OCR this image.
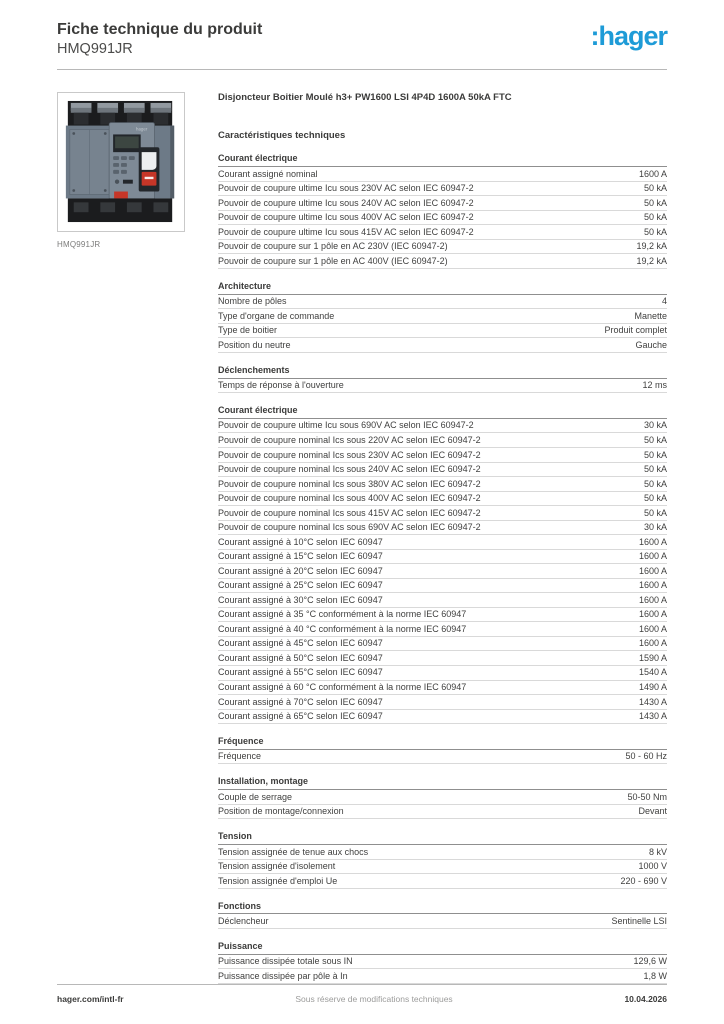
Fiche technique du produit
HMQ991JR	:hager
hager
HMQ991JR
Disjoncteur Boitier Moulé h3+ PW1600 LSI 4P4D 1600A 50kA FTC
Caractéristiques techniques
Courant électrique
Courant assigné nominal	1600 A
Pouvoir de coupure ultime Icu sous 230V AC selon IEC 60947-2	50 kA
Pouvoir de coupure ultime Icu sous 240V AC selon IEC 60947-2	50 kA
Pouvoir de coupure ultime Icu sous 400V AC selon IEC 60947-2	50 kA
Pouvoir de coupure ultime Icu sous 415V AC selon IEC 60947-2	50 kA
Pouvoir de coupure sur 1 pôle en AC 230V (IEC 60947-2)	19,2 kA
Pouvoir de coupure sur 1 pôle en AC 400V (IEC 60947-2)	19,2 kA
Architecture
Nombre de pôles	4
Type d'organe de commande	Manette
Type de boitier	Produit complet
Position du neutre	Gauche
Déclenchements
Temps de réponse à l'ouverture	12 ms
Courant électrique
Pouvoir de coupure ultime Icu sous 690V AC selon IEC 60947-2	30 kA
Pouvoir de coupure nominal Ics sous 220V AC selon IEC 60947-2	50 kA
Pouvoir de coupure nominal Ics sous 230V AC selon IEC 60947-2	50 kA
Pouvoir de coupure nominal Ics sous 240V AC selon IEC 60947-2	50 kA
Pouvoir de coupure nominal Ics sous 380V AC selon IEC 60947-2	50 kA
Pouvoir de coupure nominal Ics sous 400V AC selon IEC 60947-2	50 kA
Pouvoir de coupure nominal Ics sous 415V AC selon IEC 60947-2	50 kA
Pouvoir de coupure nominal Ics sous 690V AC selon IEC 60947-2	30 kA
Courant assigné à 10°C selon IEC 60947	1600 A
Courant assigné à 15°C selon IEC 60947	1600 A
Courant assigné à 20°C selon IEC 60947	1600 A
Courant assigné à 25°C selon IEC 60947	1600 A
Courant assigné à 30°C selon IEC 60947	1600 A
Courant assigné à 35 °C conformément à la norme IEC 60947	1600 A
Courant assigné à 40 °C conformément à la norme IEC 60947	1600 A
Courant assigné à 45°C selon IEC 60947	1600 A
Courant assigné à 50°C selon IEC 60947	1590 A
Courant assigné à 55°C selon IEC 60947	1540 A
Courant assigné à 60 °C conformément à la norme IEC 60947	1490 A
Courant assigné à 70°C selon IEC 60947	1430 A
Courant assigné à 65°C selon IEC 60947	1430 A
Fréquence
Fréquence	50 - 60 Hz
Installation, montage
Couple de serrage	50-50 Nm
Position de montage/connexion	Devant
Tension
Tension assignée de tenue aux chocs	8 kV
Tension assignée d'isolement	1000 V
Tension assignée d'emploi Ue	220 - 690 V
Fonctions
Déclencheur	Sentinelle LSI
Puissance
Puissance dissipée totale sous IN	129,6 W
Puissance dissipée par pôle à In	1,8 W
hager.com/intl-fr	Sous réserve de modifications techniques	10.04.2026
